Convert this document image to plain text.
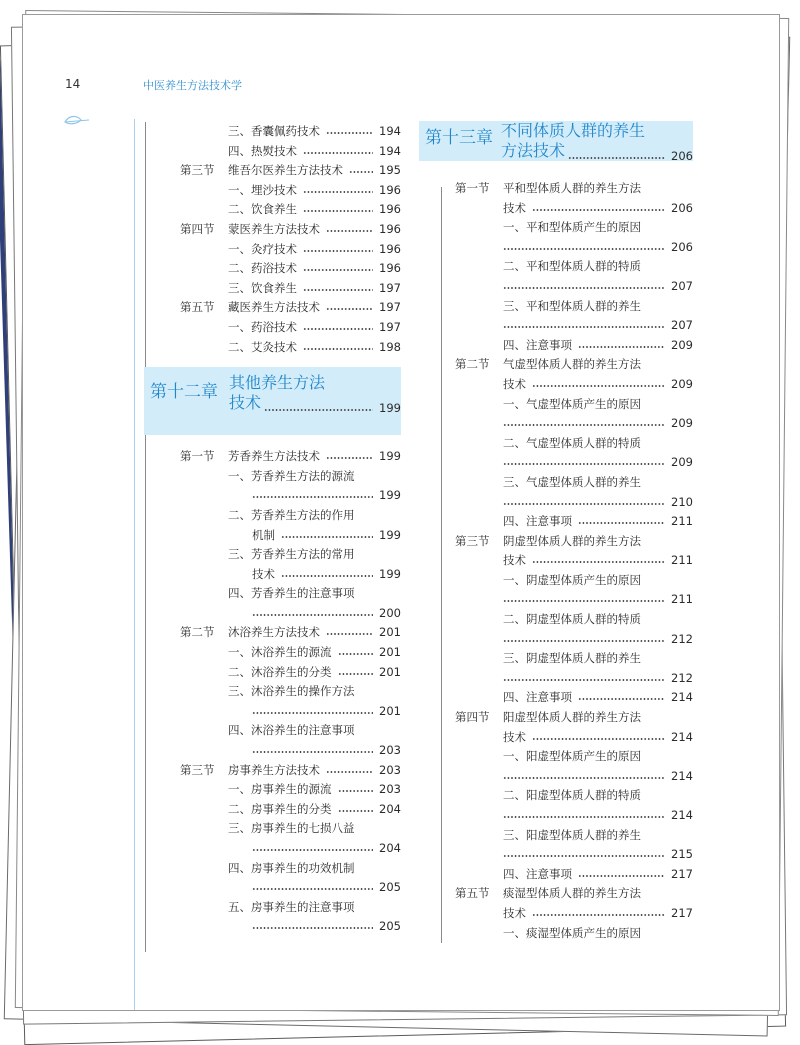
14	中医养生方法技术学
三、香囊佩药技术	194
四、热熨技术	194
第三节 维吾尔医养生方法技术	195
一、埋沙技术	196
二、饮食养生	196
第四节 蒙医养生方法技术	196
一、灸疗技术	196
二、药浴技术	196
三、饮食养生	197
第五节 藏医养生方法技术	197
一、药浴技术	197
二、艾灸技术	198
第十二章 其他养生方法
技术	199
第一节 芳香养生方法技术	199
一、芳香养生方法的源流
199
二、芳香养生方法的作用
机制	199
三、芳香养生方法的常用
技术	199
四、芳香养生的注意事项
200
第二节 沐浴养生方法技术	201
一、沐浴养生的源流	201
二、沐浴养生的分类	201
三、沐浴养生的操作方法
201
四、沐浴养生的注意事项
203
第三节 房事养生方法技术	203
一、房事养生的源流	203
二、房事养生的分类	204
三、房事养生的七损八益
204
四、房事养生的功效机制
205
五、房事养生的注意事项
205
第十三章 不同体质人群的养生
方法技术	206
第一节 平和型体质人群的养生方法
技术	206
一、平和型体质产生的原因
206
二、平和型体质人群的特质
207
三、平和型体质人群的养生
207
四、注意事项	209
第二节 气虚型体质人群的养生方法
技术	209
一、气虚型体质产生的原因
209
二、气虚型体质人群的特质
209
三、气虚型体质人群的养生
210
四、注意事项	211
第三节 阴虚型体质人群的养生方法
技术	211
一、阴虚型体质产生的原因
211
二、阴虚型体质人群的特质
212
三、阴虚型体质人群的养生
212
四、注意事项	214
第四节 阳虚型体质人群的养生方法
技术	214
一、阳虚型体质产生的原因
214
二、阳虚型体质人群的特质
214
三、阳虚型体质人群的养生
215
四、注意事项	217
第五节 痰湿型体质人群的养生方法
技术	217
一、痰湿型体质产生的原因
